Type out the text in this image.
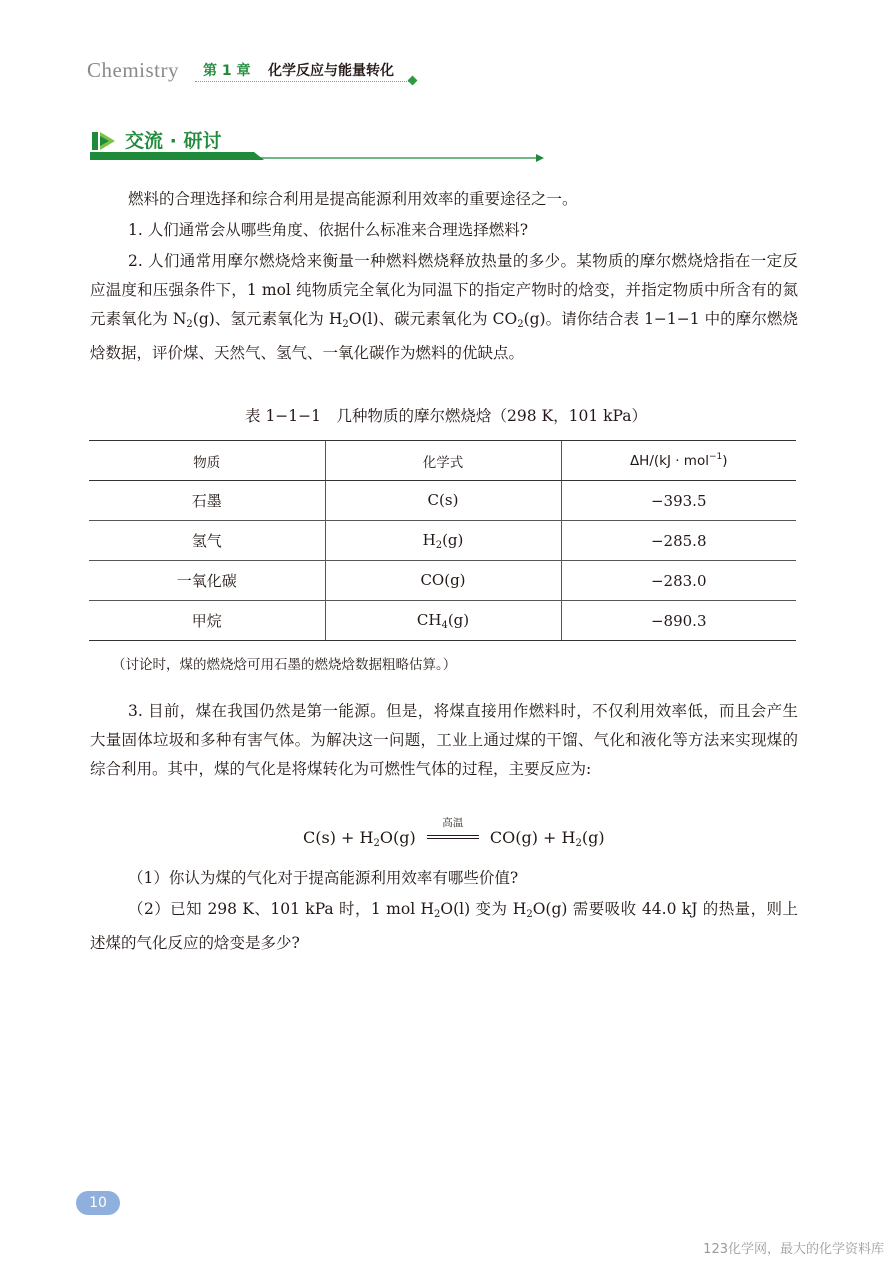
Chemistry 第 1 章 化学反应与能量转化
交流 · 研讨

燃料的合理选择和综合利用是提高能源利用效率的重要途径之一。

1. 人们通常会从哪些角度、依据什么标准来合理选择燃料?

2. 人们通常用摩尔燃烧焓来衡量一种燃料燃烧释放热量的多少。某物质的摩尔燃烧焓指在一定反应温度和压强条件下，1 mol 纯物质完全氧化为同温下的指定产物时的焓变，并指定物质中所含有的氮元素氧化为 $N_2(g)$、氢元素氧化为 $H_2O(l)$、碳元素氧化为 $CO_2(g)$。请你结合表 1−1−1 中的摩尔燃烧焓数据，评价煤、天然气、氢气、一氧化碳作为燃料的优缺点。

表 1−1−1　几种物质的摩尔燃烧焓（298 K，101 kPa）
物质	化学式	ΔH/(kJ · mol$^{-1}$)
石墨	C(s)	−393.5
氢气	$H_2(g)$	−285.8
一氧化碳	CO(g)	−283.0
甲烷	$CH_4(g)$	−890.3
（讨论时，煤的燃烧焓可用石墨的燃烧焓数据粗略估算。）

3. 目前，煤在我国仍然是第一能源。但是，将煤直接用作燃料时，不仅利用效率低，而且会产生大量固体垃圾和多种有害气体。为解决这一问题，工业上通过煤的干馏、气化和液化等方法来实现煤的综合利用。其中，煤的气化是将煤转化为可燃性气体的过程，主要反应为:

$C(s) + H_2O(g)$
高温
$CO(g) + H_2(g)$

（1）你认为煤的气化对于提高能源利用效率有哪些价值?

（2）已知 298 K、101 kPa 时，1 mol $H_2O(l)$ 变为 $H_2O(g)$ 需要吸收 44.0 kJ 的热量，则上述煤的气化反应的焓变是多少?

10
123化学网，最大的化学资料库
